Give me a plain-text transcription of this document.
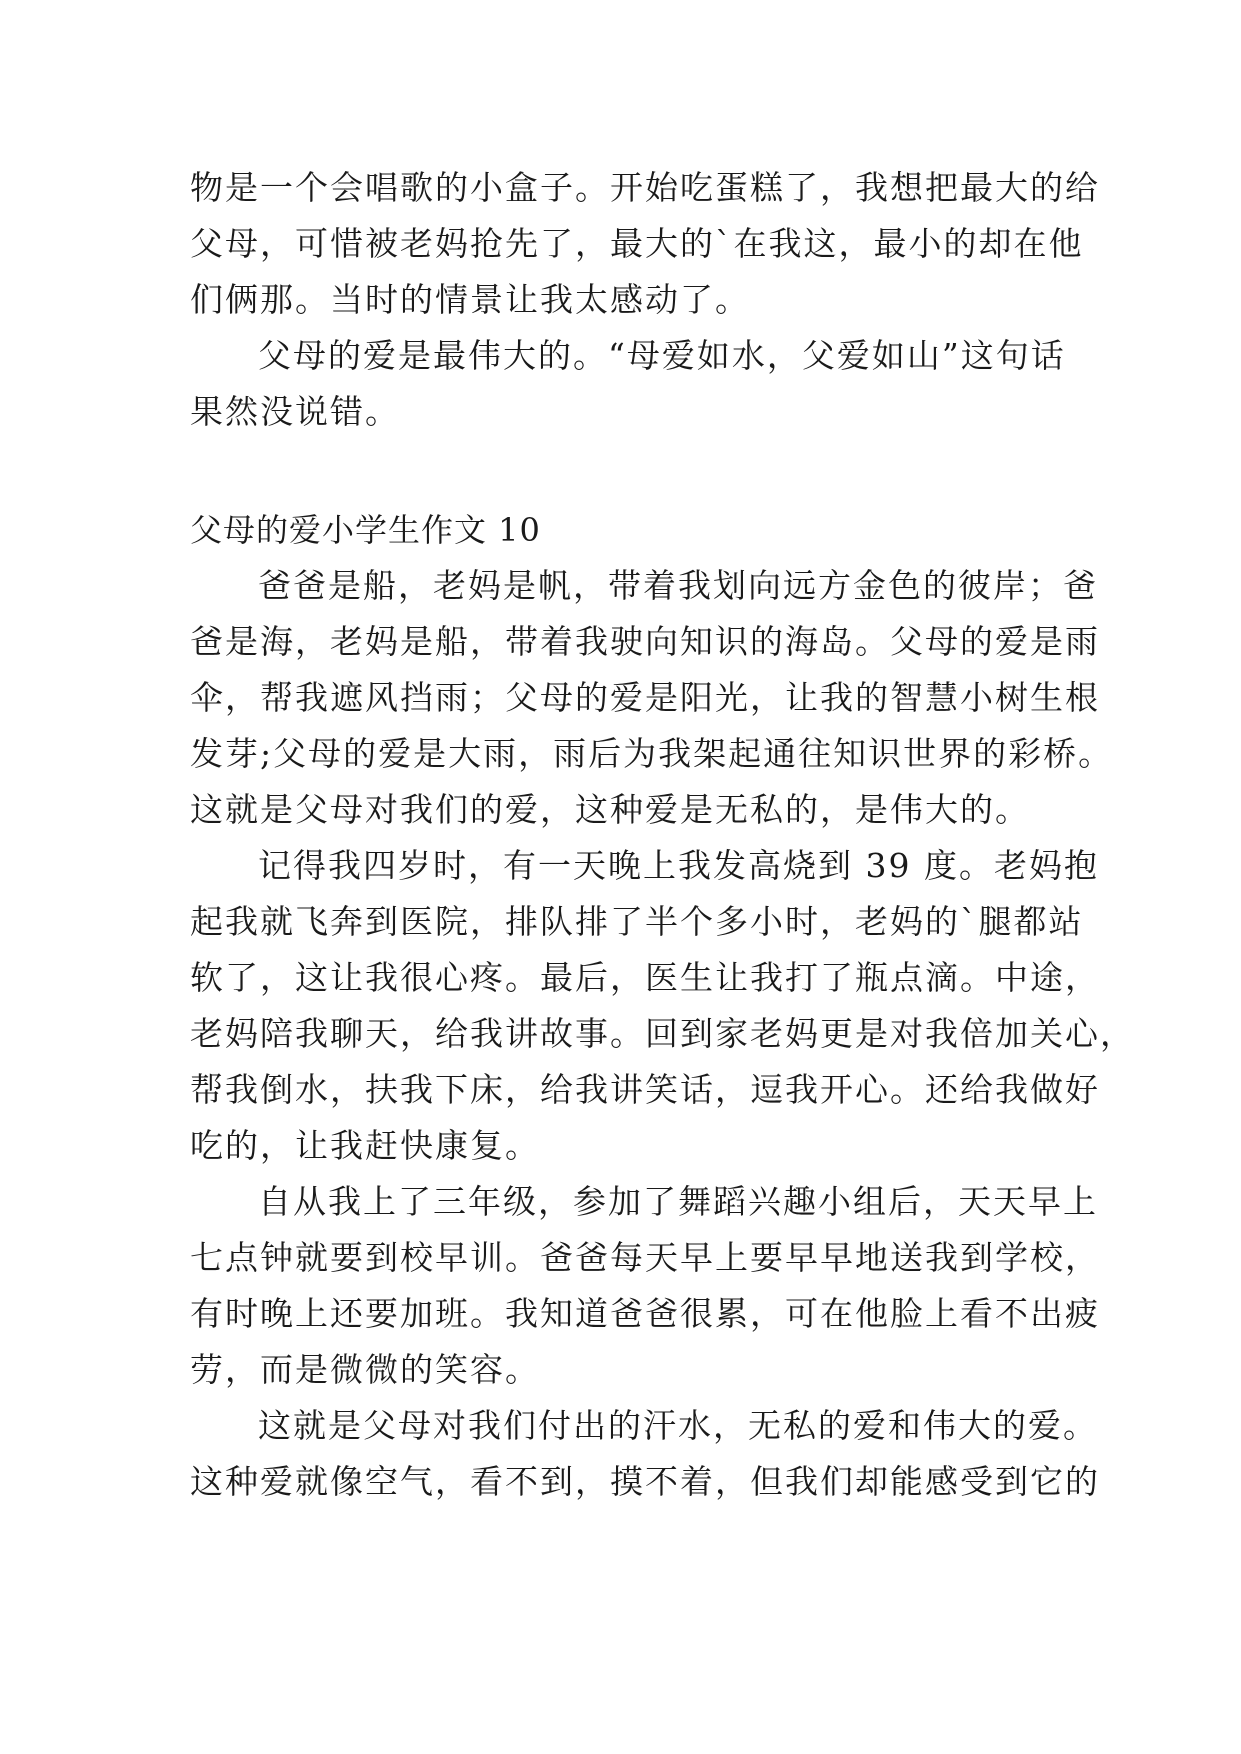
物是一个会唱歌的小盒子。开始吃蛋糕了，我想把最大的给
父母，可惜被老妈抢先了，最大的`在我这，最小的却在他
们俩那。当时的情景让我太感动了。
父母的爱是最伟大的。“母爱如水，父爱如山”这句话
果然没说错。
父母的爱小学生作文 10
爸爸是船，老妈是帆，带着我划向远方金色的彼岸；爸
爸是海，老妈是船，带着我驶向知识的海岛。父母的爱是雨
伞，帮我遮风挡雨；父母的爱是阳光，让我的智慧小树生根
发芽;父母的爱是大雨，雨后为我架起通往知识世界的彩桥。
这就是父母对我们的爱，这种爱是无私的，是伟大的。
记得我四岁时，有一天晚上我发高烧到 39 度。老妈抱
起我就飞奔到医院，排队排了半个多小时，老妈的`腿都站
软了，这让我很心疼。最后，医生让我打了瓶点滴。中途，
老妈陪我聊天，给我讲故事。回到家老妈更是对我倍加关心，
帮我倒水，扶我下床，给我讲笑话，逗我开心。还给我做好
吃的，让我赶快康复。
自从我上了三年级，参加了舞蹈兴趣小组后，天天早上
七点钟就要到校早训。爸爸每天早上要早早地送我到学校，
有时晚上还要加班。我知道爸爸很累，可在他脸上看不出疲
劳，而是微微的笑容。
这就是父母对我们付出的汗水，无私的爱和伟大的爱。
这种爱就像空气，看不到，摸不着，但我们却能感受到它的
